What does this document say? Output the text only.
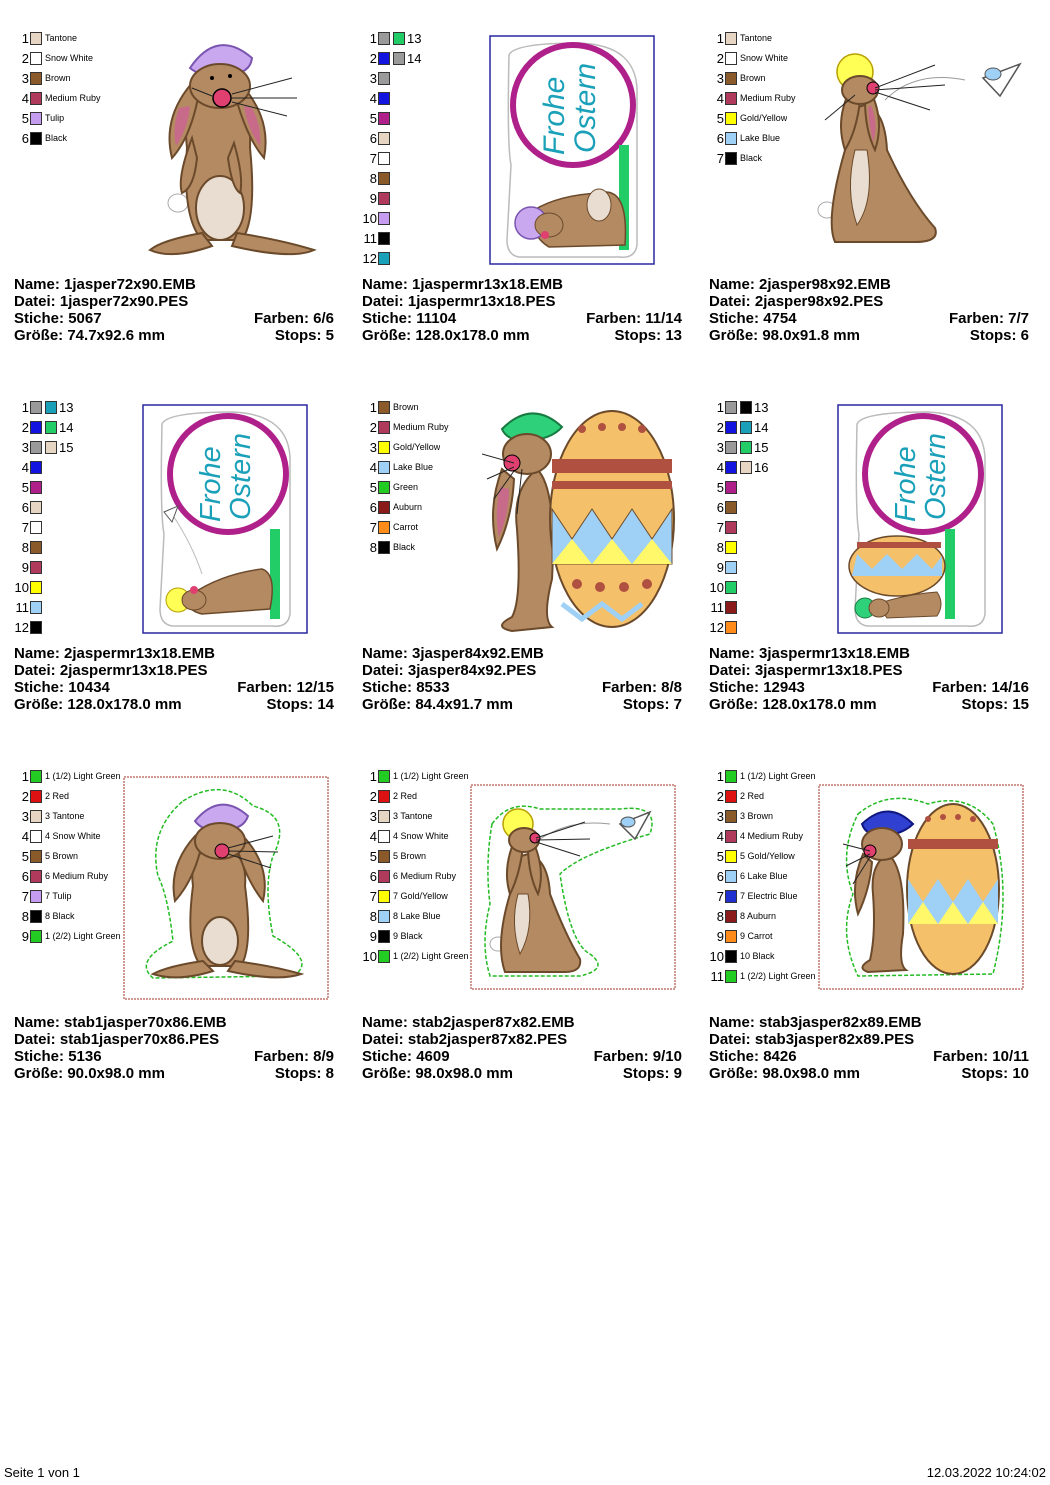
1 Tantone
2 Snow White
3 Brown
4 Medium Ruby
5 Tulip
6 Black
Name: 1jasper72x90.EMB
Datei: 1jasper72x90.PES
Stiche: 5067	Farben: 6/6
Größe: 74.7x92.6 mm	Stops: 5
1
2
3
4
5
6
7
8
9
10
11
12
13
14
Frohe
Ostern
Name: 1jaspermr13x18.EMB
Datei: 1jaspermr13x18.PES
Stiche: 11104	Farben: 11/14
Größe: 128.0x178.0 mm	Stops: 13
1 Tantone
2 Snow White
3 Brown
4 Medium Ruby
5 Gold/Yellow
6 Lake Blue
7 Black
Name: 2jasper98x92.EMB
Datei: 2jasper98x92.PES
Stiche: 4754	Farben: 7/7
Größe: 98.0x91.8 mm	Stops: 6
1
2
3
4
5
6
7
8
9
10
11
12
13
14
15	Frohe
Ostern
Name: 2jaspermr13x18.EMB
Datei: 2jaspermr13x18.PES
Stiche: 10434	Farben: 12/15
Größe: 128.0x178.0 mm	Stops: 14
1 Brown
2 Medium Ruby
3 Gold/Yellow
4 Lake Blue
5 Green
6 Auburn
7 Carrot
8 Black
Name: 3jasper84x92.EMB
Datei: 3jasper84x92.PES
Stiche: 8533	Farben: 8/8
Größe: 84.4x91.7 mm	Stops: 7
1
2
3
4
5
6
7
8
9
10
11
12
13
14
15
16	Frohe
Ostern
Name: 3jaspermr13x18.EMB
Datei: 3jaspermr13x18.PES
Stiche: 12943	Farben: 14/16
Größe: 128.0x178.0 mm	Stops: 15
1 1 (1/2) Light Green
2 2 Red
3 3 Tantone
4 4 Snow White
5 5 Brown
6 6 Medium Ruby
7 7 Tulip
8 8 Black
9 1 (2/2) Light Green
Name: stab1jasper70x86.EMB
Datei: stab1jasper70x86.PES
Stiche: 5136	Farben: 8/9
Größe: 90.0x98.0 mm	Stops: 8
1 1 (1/2) Light Green
2 2 Red
3 3 Tantone
4 4 Snow White
5 5 Brown
6 6 Medium Ruby
7 7 Gold/Yellow
8 8 Lake Blue
9 9 Black
10 1 (2/2) Light Green
Name: stab2jasper87x82.EMB
Datei: stab2jasper87x82.PES
Stiche: 4609	Farben: 9/10
Größe: 98.0x98.0 mm	Stops: 9
1 1 (1/2) Light Green
2 2 Red
3 3 Brown
4 4 Medium Ruby
5 5 Gold/Yellow
6 6 Lake Blue
7 7 Electric Blue
8 8 Auburn
9 9 Carrot
10 10 Black
11 1 (2/2) Light Green
Name: stab3jasper82x89.EMB
Datei: stab3jasper82x89.PES
Stiche: 8426	Farben: 10/11
Größe: 98.0x98.0 mm	Stops: 10
Seite 1 von 1	12.03.2022 10:24:02
